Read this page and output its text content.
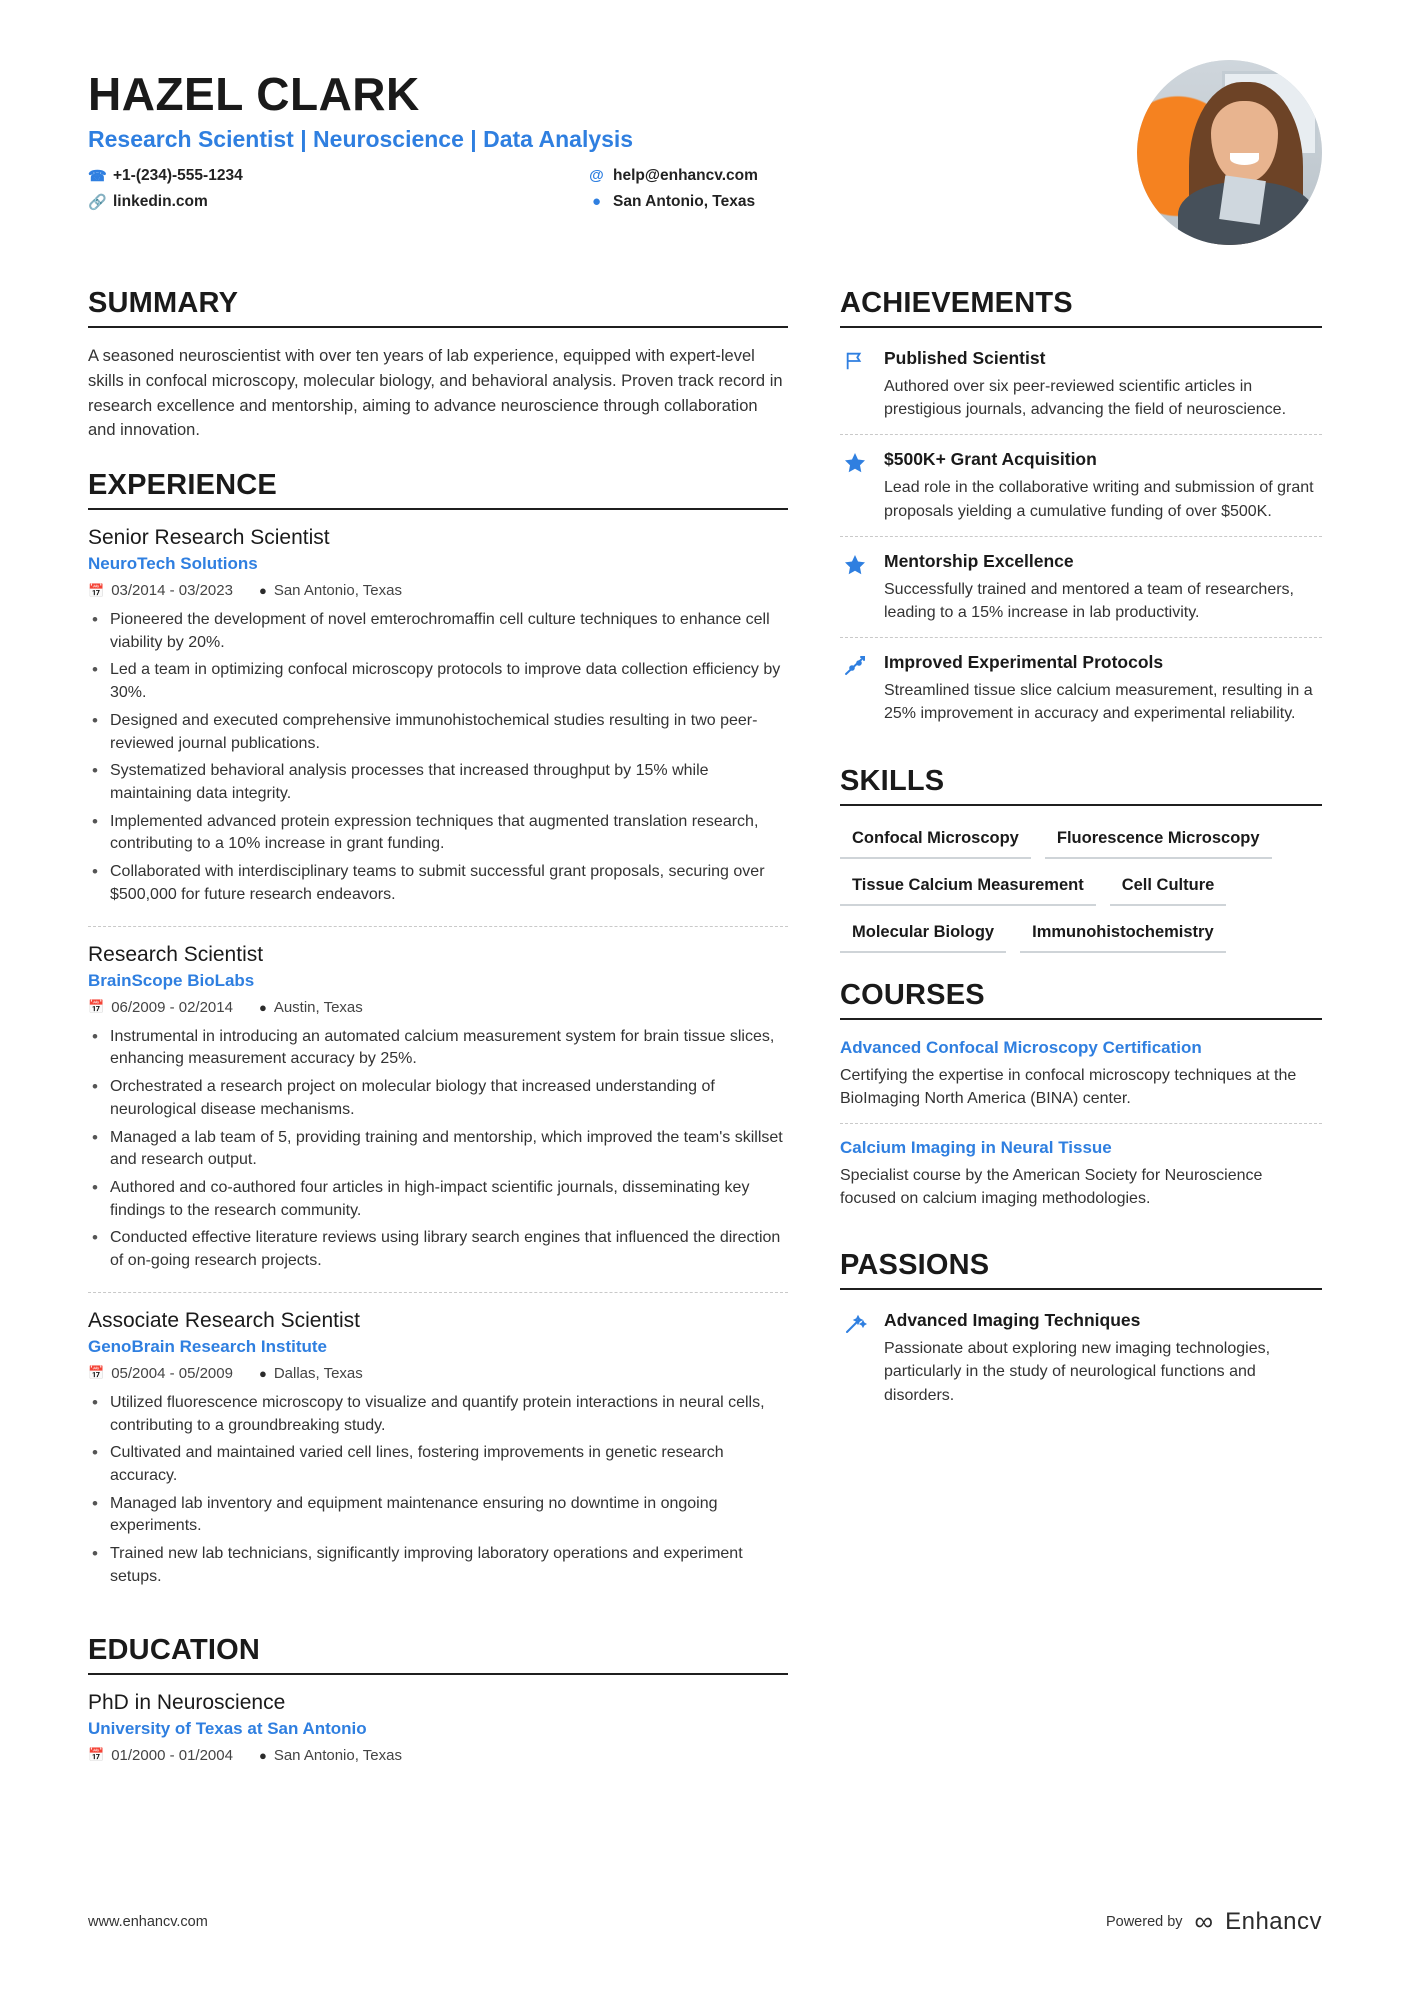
HAZEL CLARK
Research Scientist | Neuroscience | Data Analysis
☎ +1-(234)-555-1234	@ help@enhancv.com
🔗 linkedin.com	● San Antonio, Texas
SUMMARY

A seasoned neuroscientist with over ten years of lab experience, equipped with expert-level skills in confocal microscopy, molecular biology, and behavioral analysis. Proven track record in research excellence and mentorship, aiming to advance neuroscience through collaboration and innovation.

EXPERIENCE
Senior Research Scientist
NeuroTech Solutions
📅 03/2014 - 03/2023 ● San Antonio, Texas
• Pioneered the development of novel emterochromaffin cell culture techniques to enhance cell viability by 20%.
• Led a team in optimizing confocal microscopy protocols to improve data collection efficiency by 30%.
• Designed and executed comprehensive immunohistochemical studies resulting in two peer-reviewed journal publications.
• Systematized behavioral analysis processes that increased throughput by 15% while maintaining data integrity.
• Implemented advanced protein expression techniques that augmented translation research, contributing to a 10% increase in grant funding.
• Collaborated with interdisciplinary teams to submit successful grant proposals, securing over $500,000 for future research endeavors.
Research Scientist
BrainScope BioLabs
📅 06/2009 - 02/2014 ● Austin, Texas
• Instrumental in introducing an automated calcium measurement system for brain tissue slices, enhancing measurement accuracy by 25%.
• Orchestrated a research project on molecular biology that increased understanding of neurological disease mechanisms.
• Managed a lab team of 5, providing training and mentorship, which improved the team's skillset and research output.
• Authored and co-authored four articles in high-impact scientific journals, disseminating key findings to the research community.
• Conducted effective literature reviews using library search engines that influenced the direction of on-going research projects.
Associate Research Scientist
GenoBrain Research Institute
📅 05/2004 - 05/2009 ● Dallas, Texas
• Utilized fluorescence microscopy to visualize and quantify protein interactions in neural cells, contributing to a groundbreaking study.
• Cultivated and maintained varied cell lines, fostering improvements in genetic research accuracy.
• Managed lab inventory and equipment maintenance ensuring no downtime in ongoing experiments.
• Trained new lab technicians, significantly improving laboratory operations and experiment setups.
EDUCATION
PhD in Neuroscience
University of Texas at San Antonio
📅 01/2000 - 01/2004 ● San Antonio, Texas
ACHIEVEMENTS
Published Scientist

Authored over six peer-reviewed scientific articles in prestigious journals, advancing the field of neuroscience.

$500K+ Grant Acquisition

Lead role in the collaborative writing and submission of grant proposals yielding a cumulative funding of over $500K.

Mentorship Excellence

Successfully trained and mentored a team of researchers, leading to a 15% increase in lab productivity.

Improved Experimental Protocols

Streamlined tissue slice calcium measurement, resulting in a 25% improvement in accuracy and experimental reliability.

SKILLS
Confocal Microscopy	Fluorescence Microscopy
Tissue Calcium Measurement	Cell Culture
Molecular Biology	Immunohistochemistry
COURSES
Advanced Confocal Microscopy Certification

Certifying the expertise in confocal microscopy techniques at the BioImaging North America (BINA) center.

Calcium Imaging in Neural Tissue

Specialist course by the American Society for Neuroscience focused on calcium imaging methodologies.

PASSIONS
Advanced Imaging Techniques

Passionate about exploring new imaging technologies, particularly in the study of neurological functions and disorders.

www.enhancv.com	Powered by ∞ Enhancv
